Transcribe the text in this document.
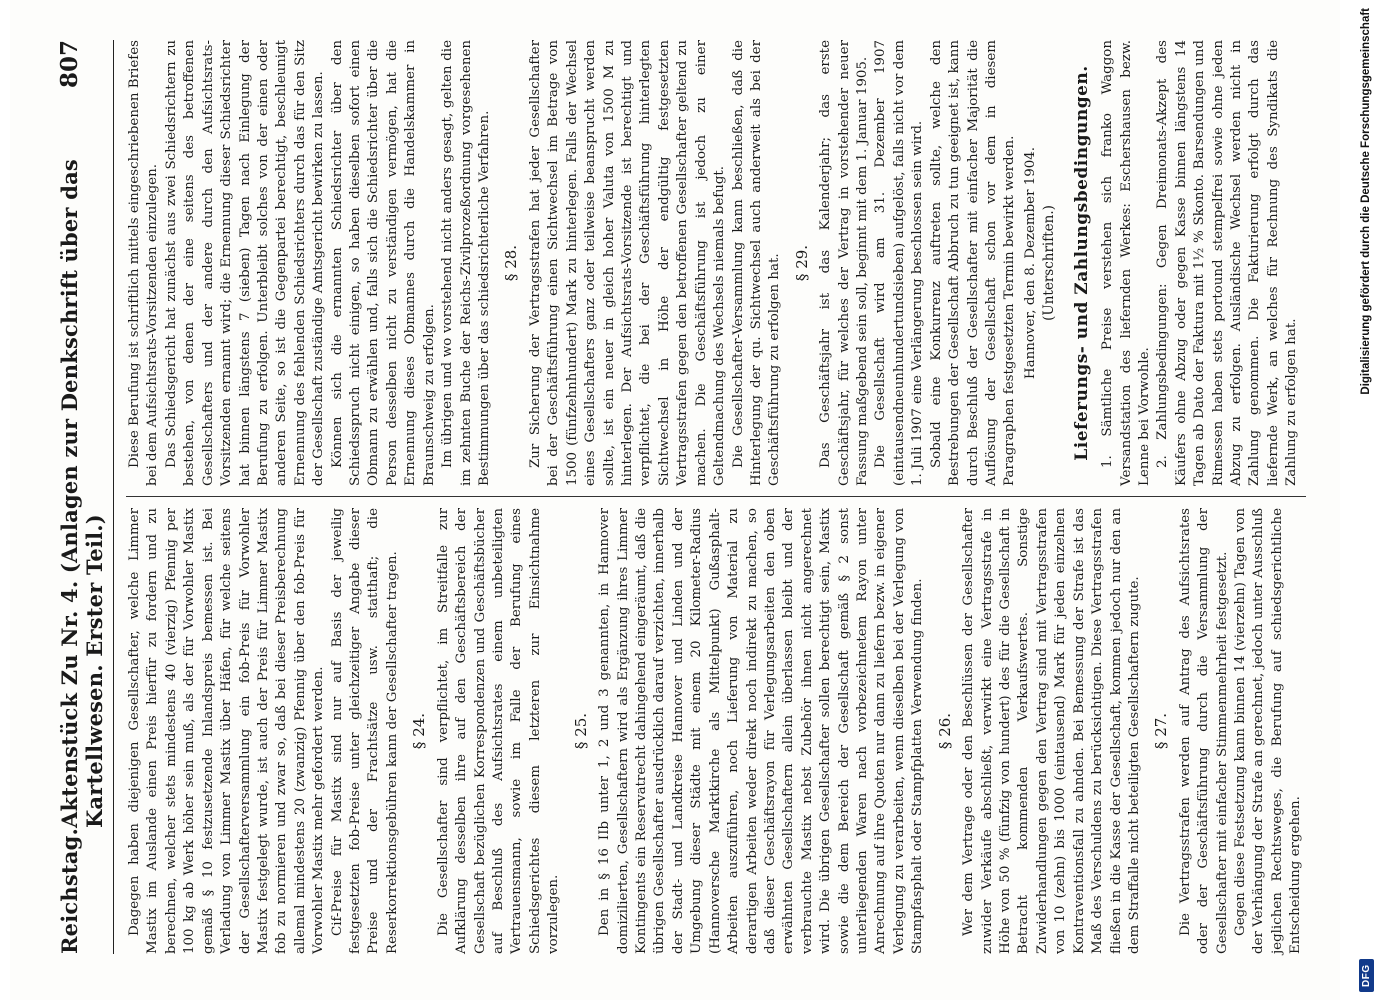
Reichstag.
Aktenstück Zu Nr. 4. (Anlagen zur Denkschrift über das Kartellwesen. Erster Teil.)
807

Dagegen haben diejenigen Gesellschafter, welche Limmer Mastix im Auslande einen Preis hierfür zu fordern und zu berechnen, welcher stets mindestens 40 (vierzig) Pfennig per 100 kg ab Werk höher sein muß, als der für Vorwohler Mastix gemäß § 10 festzusetzende Inlandspreis bemessen ist. Bei Verladung von Limmer Mastix über Häfen, für welche seitens der Gesellschafterversammlung ein fob-Preis für Vorwohler Mastix festgelegt wurde, ist auch der Preis für Limmer Mastix fob zu normieren und zwar so, daß bei dieser Preisberechnung allemal mindestens 20 (zwanzig) Pfennig über den fob-Preis für Vorwohler Mastix mehr gefordert werden. Cif-Preise für Mastix sind nur auf Basis der jeweilig festgesetzten fob-Preise unter gleichzeitiger Angabe dieser Preise und der Frachtsätze usw. statthaft; die Reserkorrektionsgebühren kann der Gesellschafter tragen. § 24. Die Gesellschafter sind verpflichtet, im Streitfalle zur Aufklärung desselben ihre auf den Geschäftsbereich der Gesellschaft bezüglichen Korrespondenzen und Geschäftsbücher auf Beschluß des Aufsichtsrates einem unbeteiligten Vertrauensmann, sowie im Falle der Berufung eines Schiedsgerichtes diesem letzteren zur Einsichtnahme vorzulegen.

§ 25. Den in § 16 IIb unter 1, 2 und 3 genannten, in Hannover domizilierten, Gesellschaftern wird als Ergänzung ihres Limmer Kontingents ein Reservatrecht dahingehend eingeräumt, daß die übrigen Gesellschafter ausdrücklich darauf verzichten, innerhalb der Stadt- und Landkreise Hannover und Linden und der Umgebung dieser Städte mit einem 20 Kilometer-Radius (Hannoversche Marktkirche als Mittelpunkt) Gußasphalt-Arbeiten auszuführen, noch Lieferung von Material zu derartigen Arbeiten weder direkt noch indirekt zu machen, so daß dieser Geschäftsrayon für Verlegungsarbeiten den oben erwähnten Gesellschaftern allein überlassen bleibt und der verbrauchte Mastix nebst Zubehör ihnen nicht angerechnet wird. Die übrigen Gesellschafter sollen berechtigt sein, Mastix sowie die dem Bereich der Gesellschaft gemäß § 2 sonst unterliegenden Waren nach vorbezeichnetem Rayon unter Anrechnung auf ihre Quoten nur dann zu liefern bezw. in eigener Verlegung zu verarbeiten, wenn dieselben bei der Verlegung von Stampfasphalt oder Stampfplatten Verwendung finden. § 26. Wer dem Vertrage oder den Beschlüssen der Gesellschafter zuwider Verkäufe abschließt, verwirkt eine Vertragsstrafe in Höhe von 50 % (fünfzig von hundert) des für die Gesellschaft in Betracht kommenden Verkaufswertes. Sonstige Zuwiderhandlungen gegen den Vertrag sind mit Vertragsstrafen von 10 (zehn) bis 1000 (eintausend) Mark für jeden einzelnen Kontraventionsfall zu ahnden. Bei Bemessung der Strafe ist das Maß des Verschuldens zu berücksichtigen. Diese Vertragsstrafen fließen in die Kasse der Gesellschaft, kommen jedoch nur den an dem Straffalle nicht beteiligten Gesellschaftern zugute. § 27. Die Vertragsstrafen werden auf Antrag des Aufsichtsrates oder der Geschäftsführung durch die Versammlung der Gesellschafter mit einfacher Stimmenmehrheit festgesetzt. Gegen diese Festsetzung kann binnen 14 (vierzehn) Tagen von der Verhängung der Strafe an gerechnet, jedoch unter Ausschluß jeglichen Rechtsweges, die Berufung auf schiedsgerichtliche Entscheidung ergehen.

Diese Berufung ist schriftlich mittels eingeschriebenen Briefes bei dem Aufsichtsrats-Vorsitzenden einzulegen. Das Schiedsgericht hat zunächst aus zwei Schiedsrichtern zu bestehen, von denen der eine seitens des betroffenen Gesellschafters und der andere durch den Aufsichtsrats-Vorsitzenden ernannt wird; die Ernennung dieser Schiedsrichter hat binnen längstens 7 (sieben) Tagen nach Einlegung der Berufung zu erfolgen. Unterbleibt solches von der einen oder anderen Seite, so ist die Gegenpartei berechtigt, beschleunigt Ernennung des fehlenden Schiedsrichters durch das für den Sitz der Gesellschaft zuständige Amtsgericht bewirken zu lassen. Können sich die ernannten Schiedsrichter über den Schiedsspruch nicht einigen, so haben dieselben sofort einen Obmann zu erwählen und, falls sich die Schiedsrichter über die Person desselben nicht zu verständigen vermögen, hat die Ernennung dieses Obmannes durch die Handelskammer in Braunschweig zu erfolgen. Im übrigen und wo vorstehend nicht anders gesagt, gelten die im zehnten Buche der Reichs-Zivilprozeßordnung vorgesehenen Bestimmungen über das schiedsrichterliche Verfahren. § 28. Zur Sicherung der Vertragsstrafen hat jeder Gesellschafter bei der Geschäftsführung einen Sichtwechsel im Betrage von 1500 (fünfzehnhundert) Mark zu hinterlegen. Falls der Wechsel eines Gesellschafters ganz oder teilweise beansprucht werden sollte, ist ein neuer in gleich hoher Valuta von 1500 M zu hinterlegen. Der Aufsichtsrats-Vorsitzende ist berechtigt und verpflichtet, die bei der Geschäftsführung hinterlegten Sichtwechsel in Höhe der endgültig festgesetzten Vertragsstrafen gegen den betroffenen Gesellschafter geltend zu machen. Die Geschäftsführung ist jedoch zu einer Geltendmachung des Wechsels niemals befugt. Die Gesellschafter-Versammlung kann beschließen, daß die Hinterlegung der qu. Sichtwechsel auch anderweit als bei der Geschäftsführung zu erfolgen hat. § 29. Das Geschäftsjahr ist das Kalenderjahr; das erste Geschäftsjahr, für welches der Vertrag in vorstehender neuer Fassung maßgebend sein soll, beginnt mit dem 1. Januar 1905. Die Gesellschaft wird am 31. Dezember 1907 (eintausendneunhundertundsieben) aufgelöst, falls nicht vor dem 1. Juli 1907 eine Verlängerung beschlossen sein wird. Sobald eine Konkurrenz auftreten sollte, welche den Bestrebungen der Gesellschaft Abbruch zu tun geeignet ist, kann durch Beschluß der Gesellschafter mit einfacher Majorität die Auflösung der Gesellschaft schon vor dem in diesem Paragraphen festgesetzten Termin bewirkt werden. Hannover, den 8. Dezember 1904. (Unterschriften.) Lieferungs- und Zahlungsbedingungen. 1. Sämtliche Preise verstehen sich franko Waggon Versandstation des liefernden Werkes: Eschershausen bezw. Lenne bei Vorwohle. 2. Zahlungsbedingungen: Gegen Dreimonats-Akzept des Käufers ohne Abzug oder gegen Kasse binnen längstens 14 Tagen ab Dato der Faktura mit 1½ % Skonto. Barsendungen und Rimessen haben stets portound stempelfrei sowie ohne jeden Abzug zu erfolgen. Ausländische Wechsel werden nicht in Zahlung genommen. Die Fakturierung erfolgt durch das liefernde Werk, an welches für Rechnung des Syndikats die Zahlung zu erfolgen hat.

DFG
Digitalisierung gefördert durch die Deutsche Forschungsgemeinschaft
